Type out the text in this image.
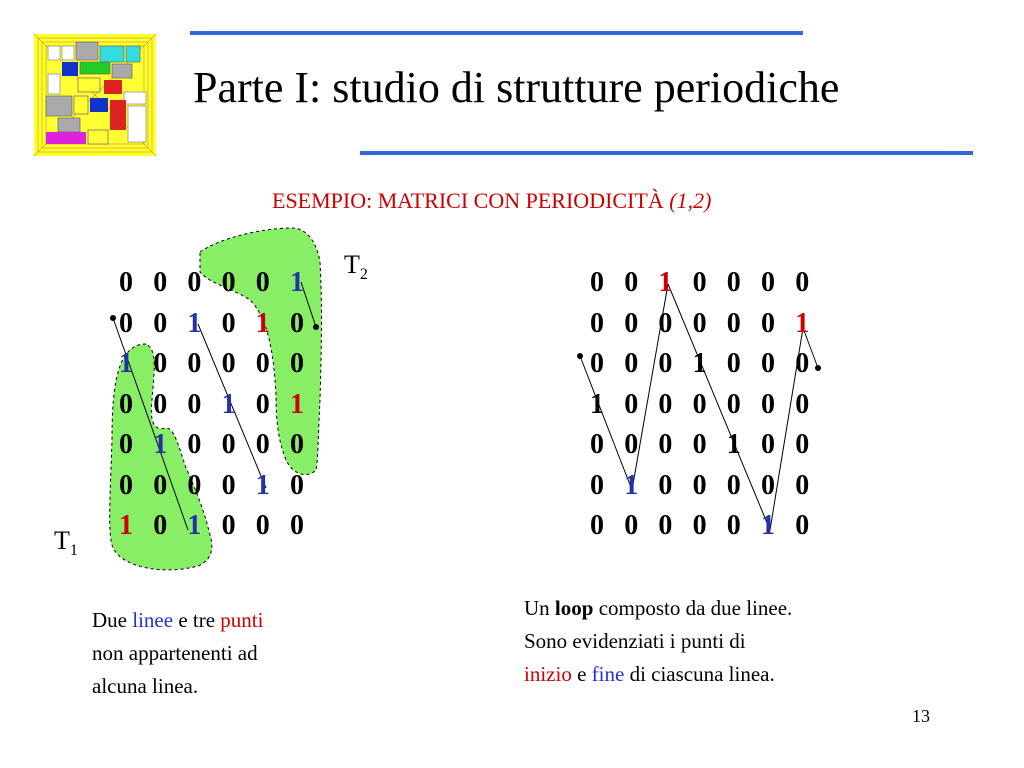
Parte I: studio di strutture periodiche
ESEMPIO: MATRICI CON PERIODICITÀ (1,2)
0 0 0 0 0 1
0 0 1 0 1 0
1 0 0 0 0 0
0 0 0 1 0 1
0 1 0 0 0 0
0 0 0 0 1 0
1 0 1 0 0 0
0 0 1 0 0 0 0
0 0 0 0 0 0 1
0 0 0 1 0 0 0
1 0 0 0 0 0 0
0 0 0 0 1 0 0
0 1 0 0 0 0 0
0 0 0 0 0 1 0
$T_2$
$T_1$
Due linee e tre punti
non appartenenti ad
alcuna linea.
Un loop composto da due linee.
Sono evidenziati i punti di
inizio e fine di ciascuna linea.
13
